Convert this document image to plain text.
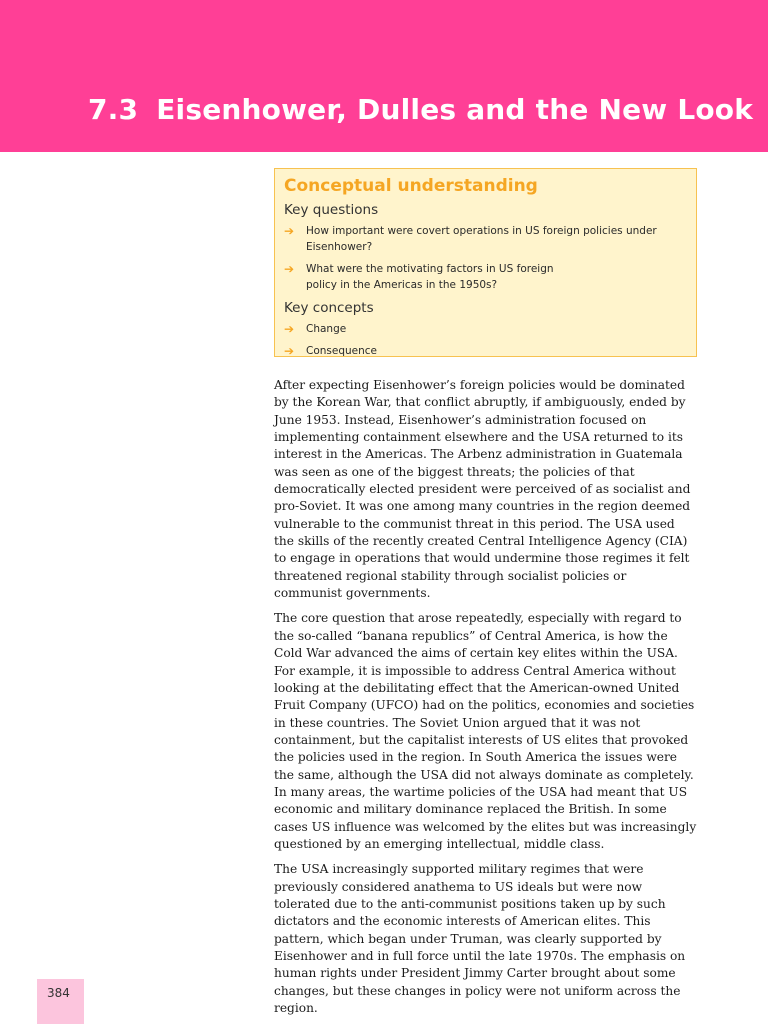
7.3 Eisenhower, Dulles and the New Look
Conceptual understanding
Key questions
➔ How important were covert operations in US foreign policies under Eisenhower?
➔ What were the motivating factors in US foreign policy in the Americas in the 1950s?
Key concepts
➔ Change
➔ Consequence

After expecting Eisenhower’s foreign policies would be dominated by the Korean War, that conflict abruptly, if ambiguously, ended by June 1953. Instead, Eisenhower’s administration focused on implementing containment elsewhere and the USA returned to its interest in the Americas. The Arbenz administration in Guatemala was seen as one of the biggest threats; the policies of that democratically elected president were perceived of as socialist and pro-Soviet. It was one among many countries in the region deemed vulnerable to the communist threat in this period. The USA used the skills of the recently created Central Intelligence Agency (CIA) to engage in operations that would undermine those regimes it felt threatened regional stability through socialist policies or communist governments.

The core question that arose repeatedly, especially with regard to the so-called “banana republics” of Central America, is how the Cold War advanced the aims of certain key elites within the USA. For example, it is impossible to address Central America without looking at the debilitating effect that the American-owned United Fruit Company (UFCO) had on the politics, economies and societies in these countries. The Soviet Union argued that it was not containment, but the capitalist interests of US elites that provoked the policies used in the region. In South America the issues were the same, although the USA did not always dominate as completely. In many areas, the wartime policies of the USA had meant that US economic and military dominance replaced the British. In some cases US influence was welcomed by the elites but was increasingly questioned by an emerging intellectual, middle class.

The USA increasingly supported military regimes that were previously considered anathema to US ideals but were now tolerated due to the anti-communist positions taken up by such dictators and the economic interests of American elites. This pattern, which began under Truman, was clearly supported by Eisenhower and in full force until the late 1970s. The emphasis on human rights under President Jimmy Carter brought about some changes, but these changes in policy were not uniform across the region.

384
